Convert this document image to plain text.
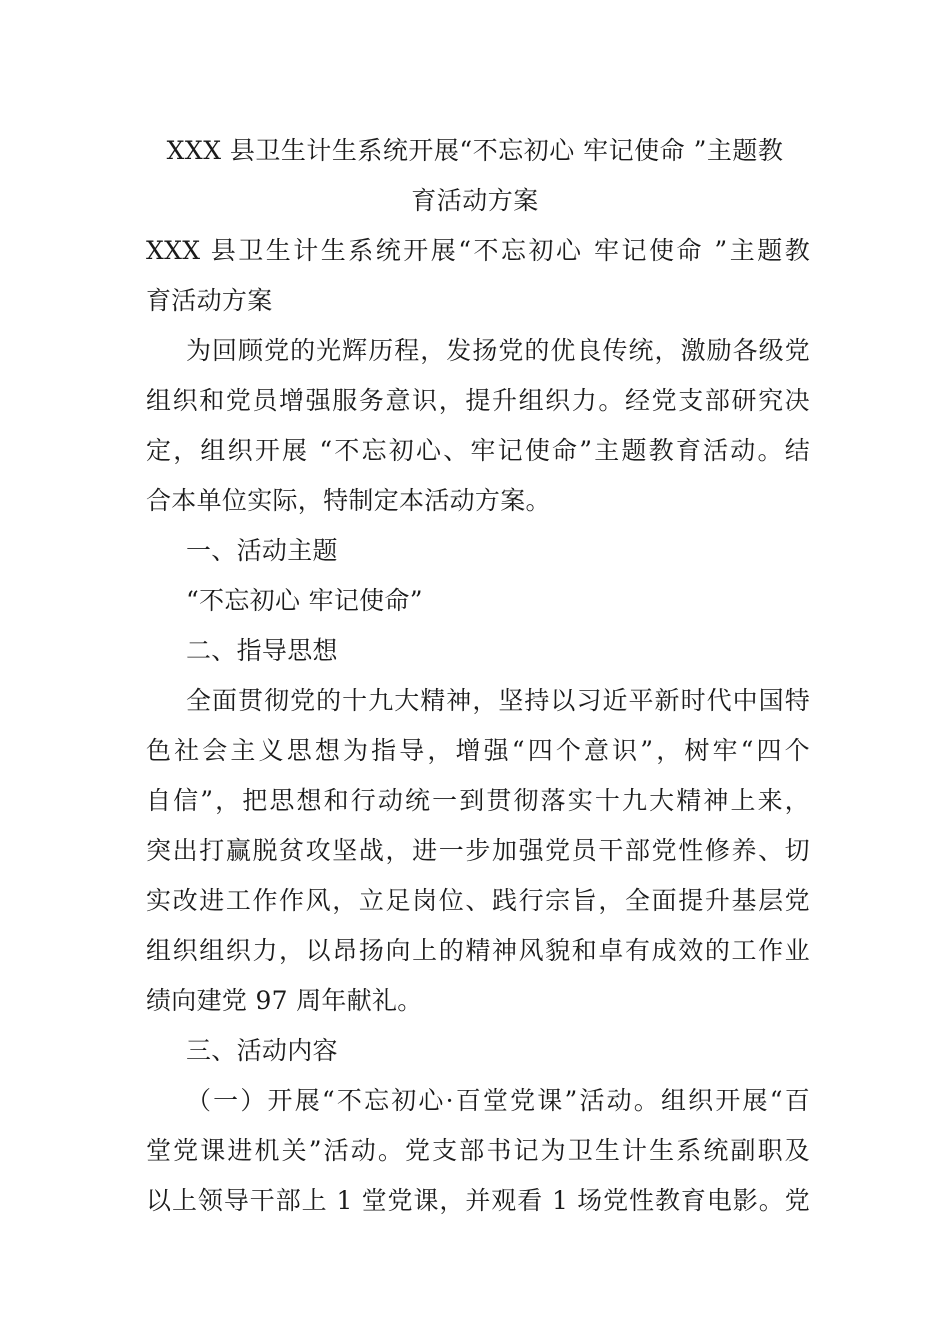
XXX 县卫生计生系统开展“不忘初心 牢记使命 ”主题教
育活动方案
XXX 县卫生计生系统开展“不忘初心 牢记使命 ”主题教
育活动方案
为回顾党的光辉历程，发扬党的优良传统，激励各级党
组织和党员增强服务意识，提升组织力。经党支部研究决
定，组织开展 “不忘初心、牢记使命”主题教育活动。结
合本单位实际，特制定本活动方案。
一、活动主题
“不忘初心 牢记使命”
二、指导思想
全面贯彻党的十九大精神，坚持以习近平新时代中国特
色社会主义思想为指导，增强“四个意识”，树牢“四个
自信”，把思想和行动统一到贯彻落实十九大精神上来，
突出打赢脱贫攻坚战，进一步加强党员干部党性修养、切
实改进工作作风，立足岗位、践行宗旨，全面提升基层党
组织组织力，以昂扬向上的精神风貌和卓有成效的工作业
绩向建党 97 周年献礼。
三、活动内容
（一）开展“不忘初心·百堂党课”活动。组织开展“百
堂党课进机关”活动。党支部书记为卫生计生系统副职及
以上领导干部上 1 堂党课，并观看 1 场党性教育电影。党
